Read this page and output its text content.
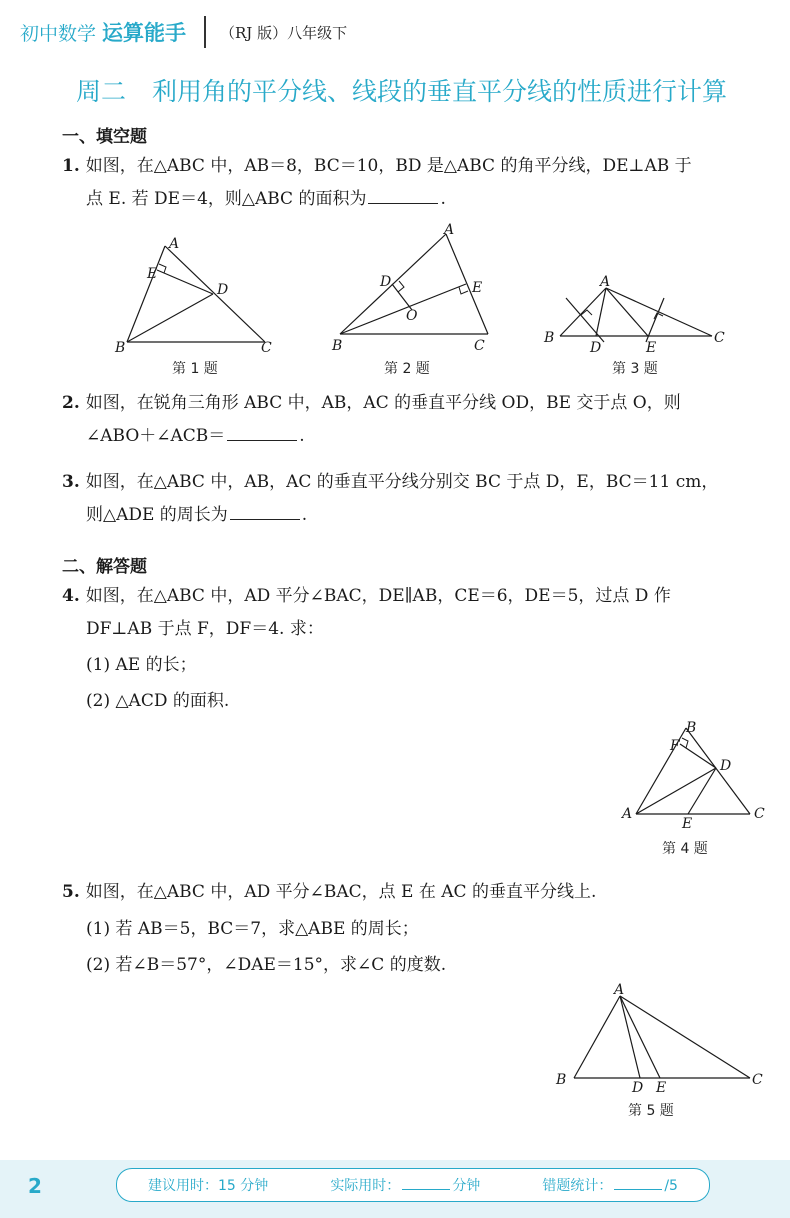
初中数学 运算能手 （RJ 版）八年级下
周二 利用角的平分线、线段的垂直平分线的性质进行计算
一、填空题
1. 如图，在△ABC 中，AB＝8，BC＝10，BD 是△ABC 的角平分线，DE⊥AB 于
点 E. 若 DE＝4，则△ABC 的面积为	.
A
E
D
B	C
第 1 题
A
D	E
O
B	C
第 2 题
A
B
D	E
C
第 3 题
2. 如图，在锐角三角形 ABC 中，AB，AC 的垂直平分线 OD，BE 交于点 O，则
∠ABO＋∠ACB＝	.
3. 如图，在△ABC 中，AB，AC 的垂直平分线分别交 BC 于点 D，E，BC＝11 cm，
则△ADE 的周长为	.
二、解答题
4. 如图，在△ABC 中，AD 平分∠BAC，DE∥AB，CE＝6，DE＝5，过点 D 作
DF⊥AB 于点 F，DF＝4. 求：
(1) AE 的长；
(2) △ACD 的面积.
B
F
D
A
E
C
第 4 题
5. 如图，在△ABC 中，AD 平分∠BAC，点 E 在 AC 的垂直平分线上.
(1) 若 AB＝5，BC＝7，求△ABE 的周长；
(2) 若∠B＝57°，∠DAE＝15°，求∠C 的度数.
A
B	D E	C
第 5 题
2	建议用时：15 分钟	实际用时：	分钟	错题统计：	/5
